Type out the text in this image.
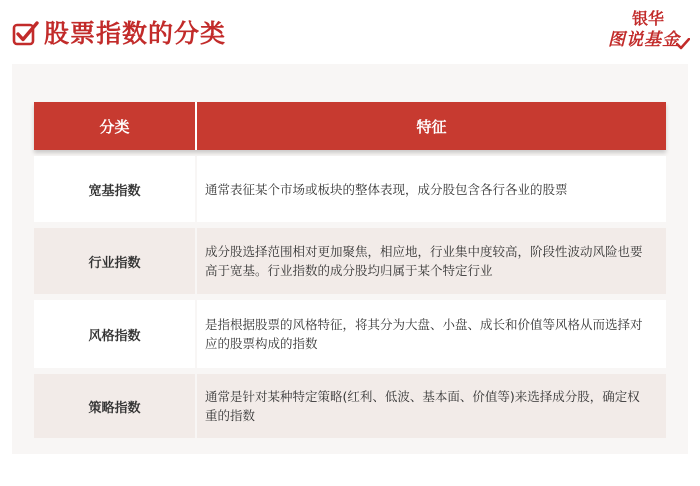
股票指数的分类
银华
图说基金
分类	特征
宽基指数	通常表征某个市场或板块的整体表现，成分股包含各行各业的股票
行业指数
成分股选择范围相对更加聚焦，相应地，行业集中度较高，阶段性波动风险也要高于宽基。行业指数的成分股均归属于某个特定行业
风格指数
是指根据股票的风格特征，将其分为大盘、小盘、成长和价值等风格从而选择对应的股票构成的指数
策略指数
通常是针对某种特定策略(红利、低波、基本面、价值等)来选择成分股，确定权重的指数
